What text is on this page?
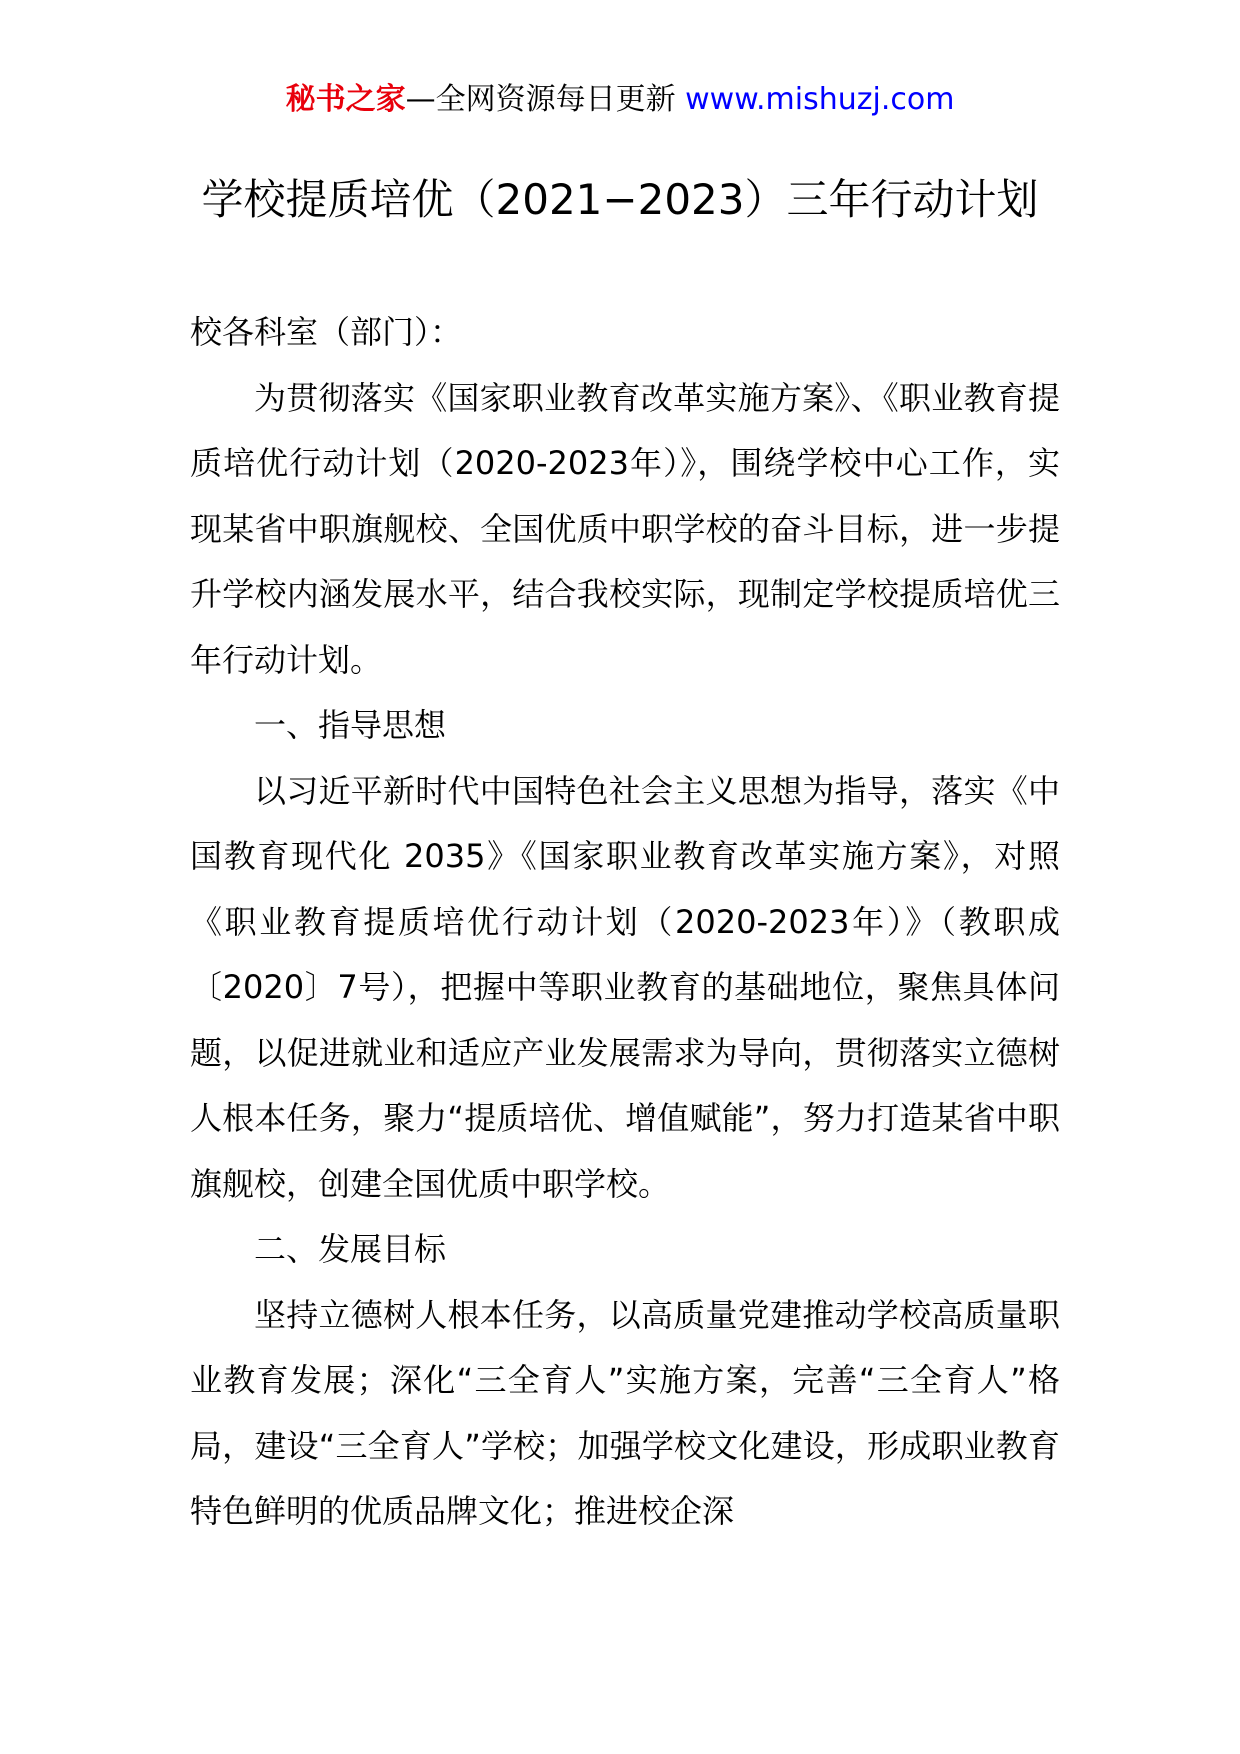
秘书之家—全网资源每日更新 www.mishuzj.com
学校提质培优（2021−2023）三年行动计划

校各科室（部门）：

为贯彻落实《国家职业教育改革实施方案》、《职业教育提质培优行动计划（2020-2023年）》，围绕学校中心工作，实现某省中职旗舰校、全国优质中职学校的奋斗目标，进一步提升学校内涵发展水平，结合我校实际，现制定学校提质培优三年行动计划。

一、指导思想

以习近平新时代中国特色社会主义思想为指导，落实《中国教育现代化 2035》《国家职业教育改革实施方案》，对照《职业教育提质培优行动计划（2020-2023年）》（教职成〔2020〕7号），把握中等职业教育的基础地位，聚焦具体问题，以促进就业和适应产业发展需求为导向，贯彻落实立德树人根本任务，聚力“提质培优、增值赋能”，努力打造某省中职旗舰校，创建全国优质中职学校。

二、发展目标

坚持立德树人根本任务，以高质量党建推动学校高质量职业教育发展；深化“三全育人”实施方案，完善“三全育人”格局，建设“三全育人”学校；加强学校文化建设，形成职业教育特色鲜明的优质品牌文化；推进校企深
